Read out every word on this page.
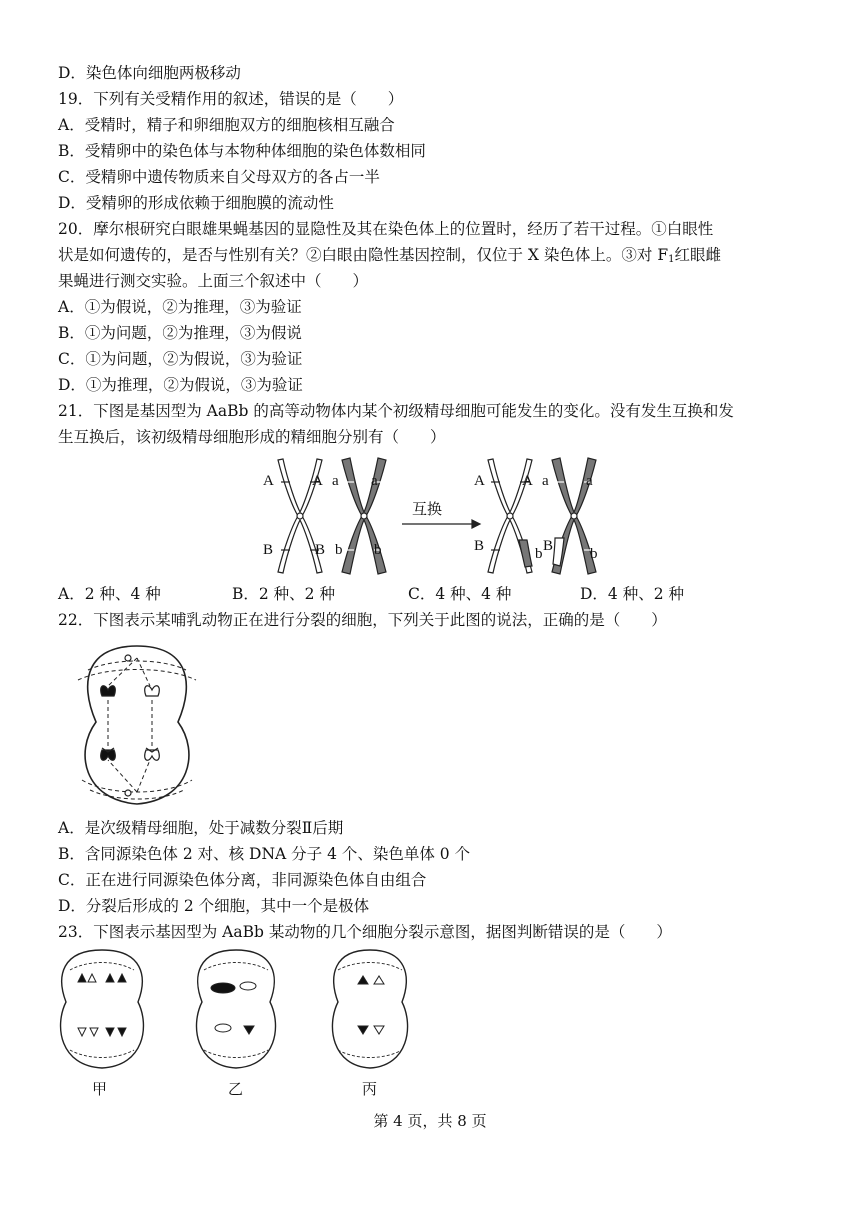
D．染色体向细胞两极移动
19．下列有关受精作用的叙述，错误的是（　　）
A．受精时，精子和卵细胞双方的细胞核相互融合
B．受精卵中的染色体与本物种体细胞的染色体数相同
C．受精卵中遗传物质来自父母双方的各占一半
D．受精卵的形成依赖于细胞膜的流动性
20．摩尔根研究白眼雄果蝇基因的显隐性及其在染色体上的位置时，经历了若干过程。①白眼性
状是如何遗传的，是否与性别有关？②白眼由隐性基因控制，仅位于 X 染色体上。③对 $F_1$红眼雌
果蝇进行测交实验。上面三个叙述中（　　）
A．①为假说，②为推理，③为验证
B．①为问题，②为推理，③为假说
C．①为问题，②为假说，③为验证
D．①为推理，②为假说，③为验证
21．下图是基因型为 AaBb 的高等动物体内某个初级精母细胞可能发生的变化。没有发生互换和发
生互换后，该初级精母细胞形成的精细胞分别有（　　）
A	A
B	B
a a
b b
互换
A A
B	b
a a
B b
A．2 种、4 种	B．2 种、2 种	C．4 种、4 种	D．4 种、2 种
22．下图表示某哺乳动物正在进行分裂的细胞，下列关于此图的说法，正确的是（　　）
A．是次级精母细胞，处于减数分裂Ⅱ后期
B．含同源染色体 2 对、核 DNA 分子 4 个、染色单体 0 个
C．正在进行同源染色体分离，非同源染色体自由组合
D．分裂后形成的 2 个细胞，其中一个是极体
23．下图表示基因型为 AaBb 某动物的几个细胞分裂示意图，据图判断错误的是（　　）
甲	乙	丙
第 4 页，共 8 页
